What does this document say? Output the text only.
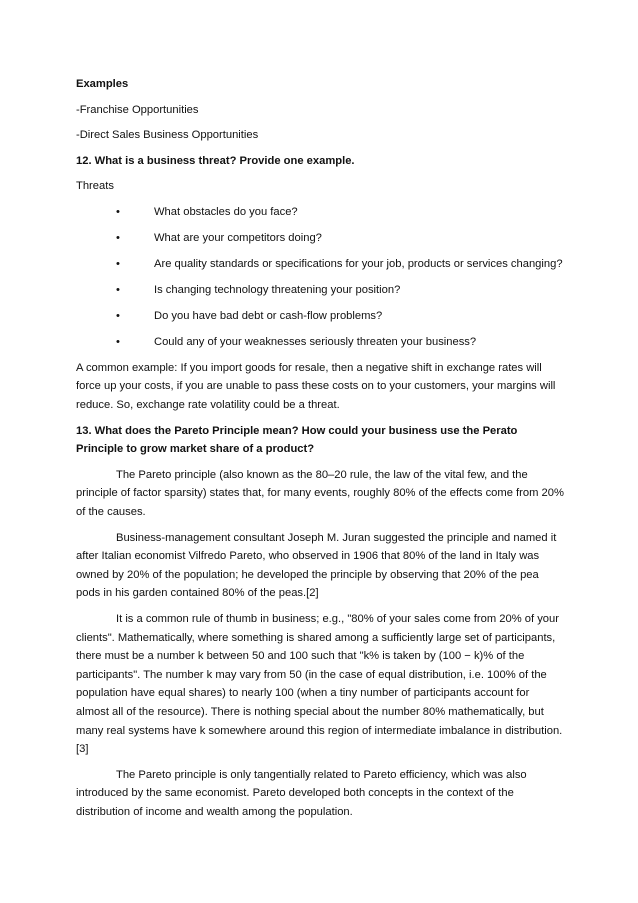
Examples

-Franchise Opportunities

-Direct Sales Business Opportunities

12. What is a business threat? Provide one example.

Threats

•	What obstacles do you face?
•	What are your competitors doing?
•	Are quality standards or specifications for your job, products or services changing?
•	Is changing technology threatening your position?
•	Do you have bad debt or cash-flow problems?
•	Could any of your weaknesses seriously threaten your business?

A common example: If you import goods for resale, then a negative shift in exchange rates will force up your costs, if you are unable to pass these costs on to your customers, your margins will reduce. So, exchange rate volatility could be a threat.

13. What does the Pareto Principle mean? How could your business use the Perato Principle to grow market share of a product?

The Pareto principle (also known as the 80–20 rule, the law of the vital few, and the principle of factor sparsity) states that, for many events, roughly 80% of the effects come from 20% of the causes.

Business-management consultant Joseph M. Juran suggested the principle and named it after Italian economist Vilfredo Pareto, who observed in 1906 that 80% of the land in Italy was owned by 20% of the population; he developed the principle by observing that 20% of the pea pods in his garden contained 80% of the peas.[2]

It is a common rule of thumb in business; e.g., "80% of your sales come from 20% of your clients". Mathematically, where something is shared among a sufficiently large set of participants, there must be a number k between 50 and 100 such that "k% is taken by (100 − k)% of the participants". The number k may vary from 50 (in the case of equal distribution, i.e. 100% of the population have equal shares) to nearly 100 (when a tiny number of participants account for almost all of the resource). There is nothing special about the number 80% mathematically, but many real systems have k somewhere around this region of intermediate imbalance in distribution.[3]

The Pareto principle is only tangentially related to Pareto efficiency, which was also introduced by the same economist. Pareto developed both concepts in the context of the distribution of income and wealth among the population.
